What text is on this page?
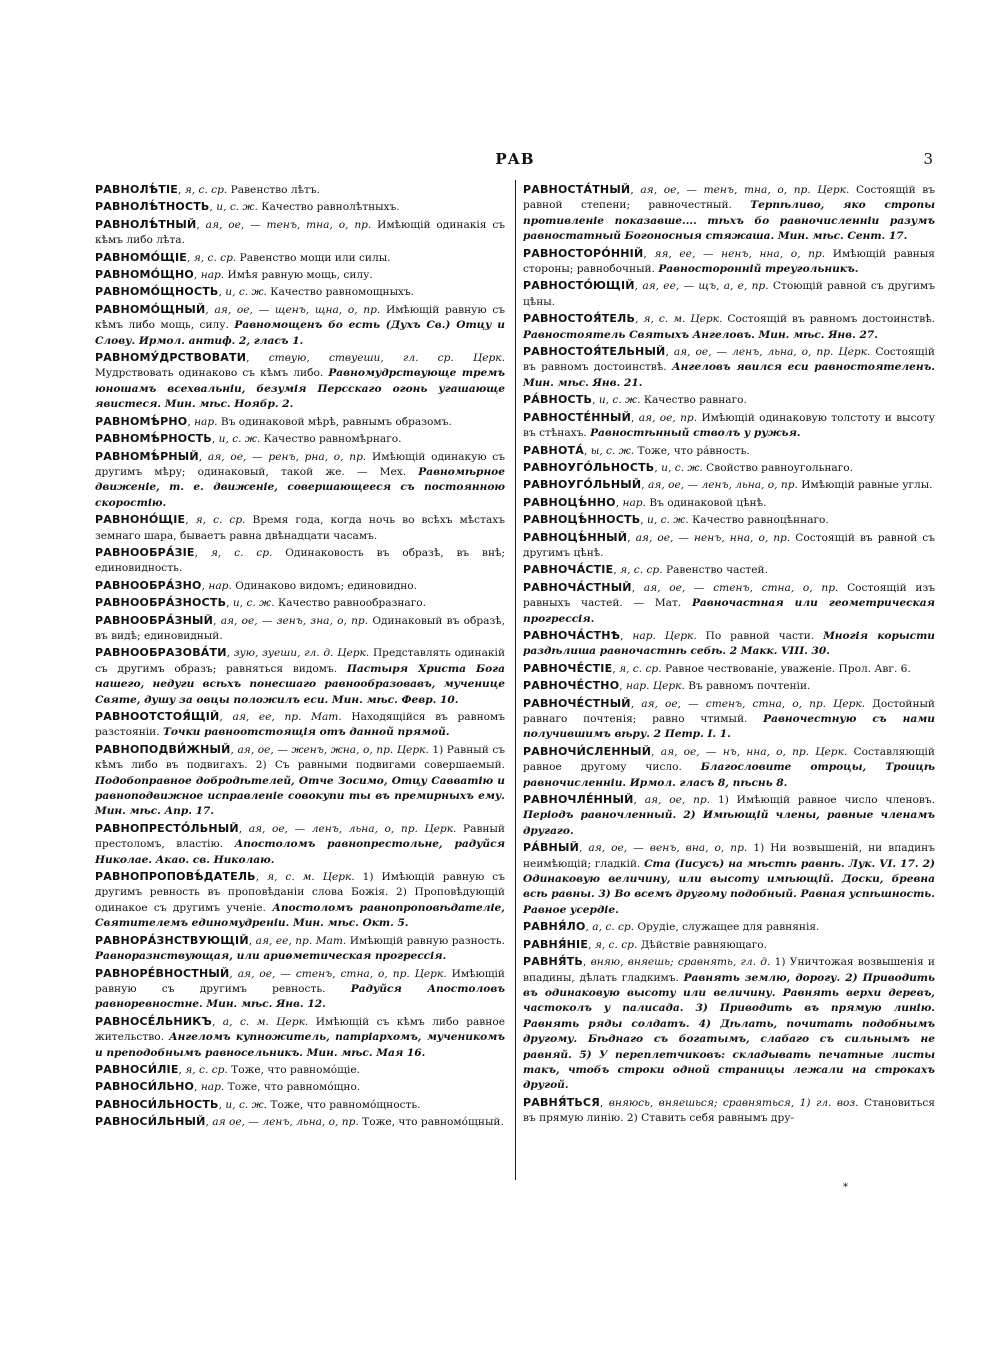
РАВ	3
РАВНОЛѢ́ТІЕ, я, с. ср. Равенство лѣтъ.
РАВНОЛѢ́ТНОСТЬ, и, с. ж. Качество равнолѣтныхъ.
РАВНОЛѢ́ТНЫЙ, ая, ое, — тенъ, тна, о, пр. Имѣющій одинакія съ кѣмъ либо лѣта.
РАВНОМО́ЩІЕ, я, с. ср. Равенство мощи или силы.
РАВНОМО́ЩНО, нар. Имѣя равную мощь, силу.
РАВНОМО́ЩНОСТЬ, и, с. ж. Качество равномощныхъ.
РАВНОМО́ЩНЫЙ, ая, ое, — щенъ, щна, о, пр. Имѣющій равную съ кѣмъ либо мощь, силу. Равномощенъ бо есть (Духъ Св.) Отцу и Слову. Ирмол. антиф. 2, гласъ 1.
РАВНОМУ́ДРСТВОВАТИ, ствую, ствуеши, гл. ср. Церк. Мудрствовать одинаково съ кѣмъ либо. Равномудрствующе тремъ юношамъ всехвальніи, безумія Персскаго огонь угашающе явистеся. Мин. мѣс. Ноябр. 2.
РАВНОМѢ́РНО, нар. Въ одинаковой мѣрѣ, равнымъ образомъ.
РАВНОМѢ́РНОСТЬ, и, с. ж. Качество равномѣрнаго.
РАВНОМѢ́РНЫЙ, ая, ое, — ренъ, рна, о, пр. Имѣющій одинакую съ другимъ мѣру; одинаковый, такой же. — Мех. Равномѣрное движеніе, т. е. движеніе, совершающееся съ постоянною скоростію.
РАВНОНО́ЩІЕ, я, с. ср. Время года, когда ночь во всѣхъ мѣстахъ земнаго шара, бываетъ равна двѣнадцати часамъ.
РАВНООБРА́ЗІЕ, я, с. ср. Одинаковость въ образѣ, въ внѣ; единовидность.
РАВНООБРА́ЗНО, нар. Одинаково видомъ; единовидно.
РАВНООБРА́ЗНОСТЬ, и, с. ж. Качество равнообразнаго.
РАВНООБРА́ЗНЫЙ, ая, ое, — зенъ, зна, о, пр. Одинаковый въ образѣ, въ видѣ; единовидный.
РАВНООБРАЗОВА́ТИ, зую, зуеши, гл. д. Церк. Представлять одинакій съ другимъ образъ; равняться видомъ. Пастыря Христа Бога нашего, недуги всѣхъ понесшаго равнообразовавъ, мученице Святе, душу за овцы положилъ еси. Мин. мѣс. Февр. 10.
РАВНООТСТОЯ́ЩІЙ, ая, ее, пр. Мат. Находящійся въ равномъ разстояніи. Точки равноотстоящія отъ данной прямой.
РАВНОПОДВИ́ЖНЫЙ, ая, ое, — женъ, жна, о, пр. Церк. 1) Равный съ кѣмъ либо въ подвигахъ. 2) Съ равными подвигами совершаемый. Подобоправное добродѣтелей, Отче Зосимо, Отцу Савватію и равноподвижное исправленіе совокупи ты въ премирныхъ ему. Мин. мѣс. Апр. 17.
РАВНОПРЕСТО́ЛЬНЫЙ, ая, ое, — ленъ, льна, о, пр. Церк. Равный престоломъ, властію. Апостоломъ равнопрестольне, радуйся Николае. Акао. св. Николаю.
РАВНОПРОПОВѢ́ДАТЕЛЬ, я, с. м. Церк. 1) Имѣющій равную съ другимъ ревность въ проповѣданіи слова Божія. 2) Проповѣдующій одинакое съ другимъ ученіе. Апостоломъ равнопроповѣдателіе, Святителемъ единомудреніи. Мин. мѣс. Окт. 5.
РАВНОРА́ЗНСТВУЮЩІЙ, ая, ее, пр. Мат. Имѣющій равную разность. Равноразнствующая, или ариѳметическая прогрессія.
РАВНОРЕ́ВНОСТНЫЙ, ая, ое, — стенъ, стна, о, пр. Церк. Имѣющій равную съ другимъ ревность. Радуйся Апостоловъ равноревностне. Мин. мѣс. Янв. 12.
РАВНОСЕ́ЛЬНИКЪ, а, с. м. Церк. Имѣющій съ кѣмъ либо равное жительство. Ангеломъ купножитель, патріархомъ, мученикомъ и преподобнымъ равносельникъ. Мин. мѣс. Мая 16.
РАВНОСИ́ЛІЕ, я, с. ср. Тоже, что равномо́щіе.
РАВНОСИ́ЛЬНО, нар. Тоже, что равномо́щно.
РАВНОСИ́ЛЬНОСТЬ, и, с. ж. Тоже, что равномо́щность.
РАВНОСИ́ЛЬНЫЙ, ая ое, — ленъ, льна, о, пр. Тоже, что равномо́щный.
РАВНОСТА́ТНЫЙ, ая, ое, — тенъ, тна, о, пр. Церк. Состоящій въ равной степени; равночестный. Терпѣливо, яко стропы противленіе показавше.... тѣхъ бо равночисленніи разумъ равностатный Богоносныя стяжаша. Мин. мѣс. Сент. 17.
РАВНОСТОРО́ННІЙ, яя, ее, — ненъ, нна, о, пр. Имѣющій равныя стороны; равнобочный. Равносторонній треугольникъ.
РАВНОСТО́ЮЩІЙ, ая, ее, — щъ, а, е, пр. Стоющій равной съ другимъ цѣны.
РАВНОСТОЯ́ТЕЛЬ, я, с. м. Церк. Состоящій въ равномъ достоинствѣ. Равностоятель Святыхъ Ангеловъ. Мин. мѣс. Янв. 27.
РАВНОСТОЯ́ТЕЛЬНЫЙ, ая, ое, — ленъ, льна, о, пр. Церк. Состоящій въ равномъ достоинствѣ. Ангеловъ явился еси равностоятеленъ. Мин. мѣс. Янв. 21.
РА́ВНОСТЬ, и, с. ж. Качество равнаго.
РАВНОСТЕ́ННЫЙ, ая, ое, пр. Имѣющій одинаковую толстоту и высоту въ стѣнахъ. Равностѣнный стволъ у ружья.
РАВНОТА́, ы, с. ж. Тоже, что ра́вность.
РАВНОУГО́ЛЬНОСТЬ, и, с. ж. Свойство равноугольнаго.
РАВНОУГО́ЛЬНЫЙ, ая, ое, — ленъ, льна, о, пр. Имѣющій равные углы.
РАВНОЦѢ́ННО, нар. Въ одинаковой цѣнѣ.
РАВНОЦѢ́ННОСТЬ, и, с. ж. Качество равноцѣннаго.
РАВНОЦѢ́ННЫЙ, ая, ое, — ненъ, нна, о, пр. Состоящій въ равной съ другимъ цѣнѣ.
РАВНОЧА́СТІЕ, я, с. ср. Равенство частей.
РАВНОЧА́СТНЫЙ, ая, ое, — стенъ, стна, о, пр. Состоящій изъ равныхъ частей. — Мат. Равночастная или геометрическая прогрессія.
РАВНОЧА́СТНѢ, нар. Церк. По равной части. Многія корысти раздѣлиша равночастнѣ себѣ. 2 Макк. VIII. 30.
РАВНОЧЕ́СТІЕ, я, с. ср. Равное чествованіе, уваженіе. Прол. Авг. 6.
РАВНОЧЕ́СТНО, нар. Церк. Въ равномъ почтеніи.
РАВНОЧЕ́СТНЫЙ, ая, ое, — стенъ, стна, о, пр. Церк. Достойный равнаго почтенія; равно чтимый. Равночестную съ нами получившимъ вѣру. 2 Петр. I. 1.
РАВНОЧИ́СЛЕННЫЙ, ая, ое, — нъ, нна, о, пр. Церк. Составляющій равное другому число. Благословите отроцы, Троицѣ равночисленніи. Ирмол. гласъ 8, пѣснь 8.
РАВНОЧЛЕ́ННЫЙ, ая, ое, пр. 1) Имѣющій равное число членовъ. Періодъ равночленный. 2) Имѣющій члены, равные членамъ другаго.
РА́ВНЫЙ, ая, ое, — венъ, вна, о, пр. 1) Ни возвышеній, ни впадинъ неимѣющій; гладкій. Ста (Іисусъ) на мѣстѣ равнѣ. Лук. VI. 17. 2) Одинаковую величину, или высоту имѣющій. Доски, бревна всѣ равны. 3) Во всемъ другому подобный. Равная успѣшность. Равное усердіе.
РАВНЯ́ЛО, а, с. ср. Орудіе, служащее для равнянія.
РАВНЯ́НІЕ, я, с. ср. Дѣйствіе равняющаго.
РАВНЯ́ТЬ, вняю, вняешь; сравнять, гл. д. 1) Уничтожая возвышенія и впадины, дѣлать гладкимъ. Равнять землю, дорогу. 2) Приводить въ одинаковую высоту или величину. Равнять верхи деревъ, частоколъ у палисада. 3) Приводить въ прямую линію. Равнять ряды солдатъ. 4) Дѣлать, почитать подобнымъ другому. Бѣднаго съ богатымъ, слабаго съ сильнымъ не равняй. 5) У переплетчиковъ: складывать печатные листы такъ, чтобъ строки одной страницы лежали на строкахъ другой.
РАВНЯ́ТЬСЯ, вняюсь, вняешься; сравняться, 1) гл. воз. Становиться въ прямую линію. 2) Ставить себя равнымъ дру-
*
